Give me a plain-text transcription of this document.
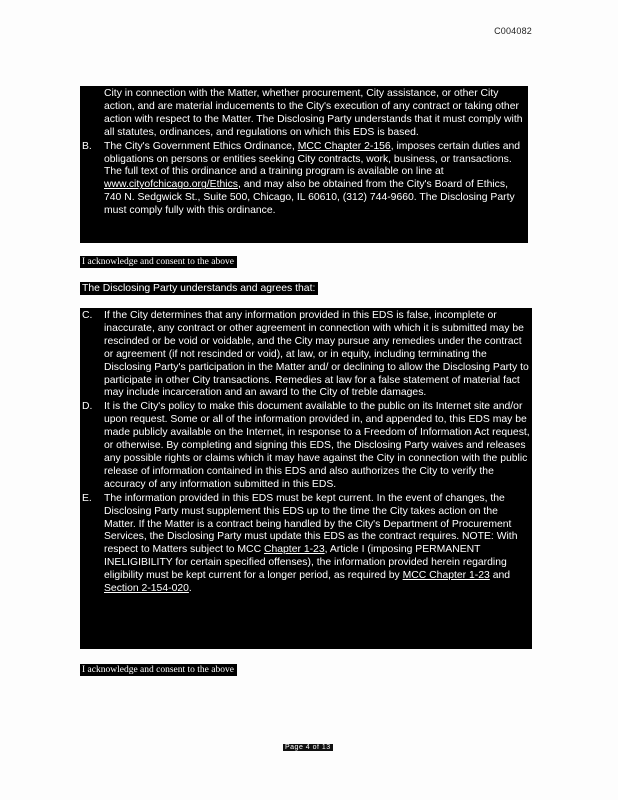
C004082

City in connection with the Matter, whether procurement, City assistance, or other City action, and are material inducements to the City's execution of any contract or taking other action with respect to the Matter. The Disclosing Party understands that it must comply with all statutes, ordinances, and regulations on which this EDS is based.

B.	The City's Government Ethics Ordinance, MCC Chapter 2-156, imposes certain duties and obligations on persons or entities seeking City contracts, work, business, or transactions. The full text of this ordinance and a training program is available on line at www.cityofchicago.org/Ethics, and may also be obtained from the City's Board of Ethics, 740 N. Sedgwick St., Suite 500, Chicago, IL 60610, (312) 744-9660. The Disclosing Party must comply fully with this ordinance.
I acknowledge and consent to the above
The Disclosing Party understands and agrees that:
C.	If the City determines that any information provided in this EDS is false, incomplete or inaccurate, any contract or other agreement in connection with which it is submitted may be rescinded or be void or voidable, and the City may pursue any remedies under the contract or agreement (if not rescinded or void), at law, or in equity, including terminating the Disclosing Party's participation in the Matter and/ or declining to allow the Disclosing Party to participate in other City transactions. Remedies at law for a false statement of material fact may include incarceration and an award to the City of treble damages.
D.	It is the City's policy to make this document available to the public on its Internet site and/or upon request. Some or all of the information provided in, and appended to, this EDS may be made publicly available on the Internet, in response to a Freedom of Information Act request, or otherwise. By completing and signing this EDS, the Disclosing Party waives and releases any possible rights or claims which it may have against the City in connection with the public release of information contained in this EDS and also authorizes the City to verify the accuracy of any information submitted in this EDS.
E.	The information provided in this EDS must be kept current. In the event of changes, the Disclosing Party must supplement this EDS up to the time the City takes action on the Matter. If the Matter is a contract being handled by the City's Department of Procurement Services, the Disclosing Party must update this EDS as the contract requires. NOTE: With respect to Matters subject to MCC Chapter 1-23, Article I (imposing PERMANENT INELIGIBILITY for certain specified offenses), the information provided herein regarding eligibility must be kept current for a longer period, as required by MCC Chapter 1-23 and Section 2-154-020.
I acknowledge and consent to the above
Page 4 of 13
